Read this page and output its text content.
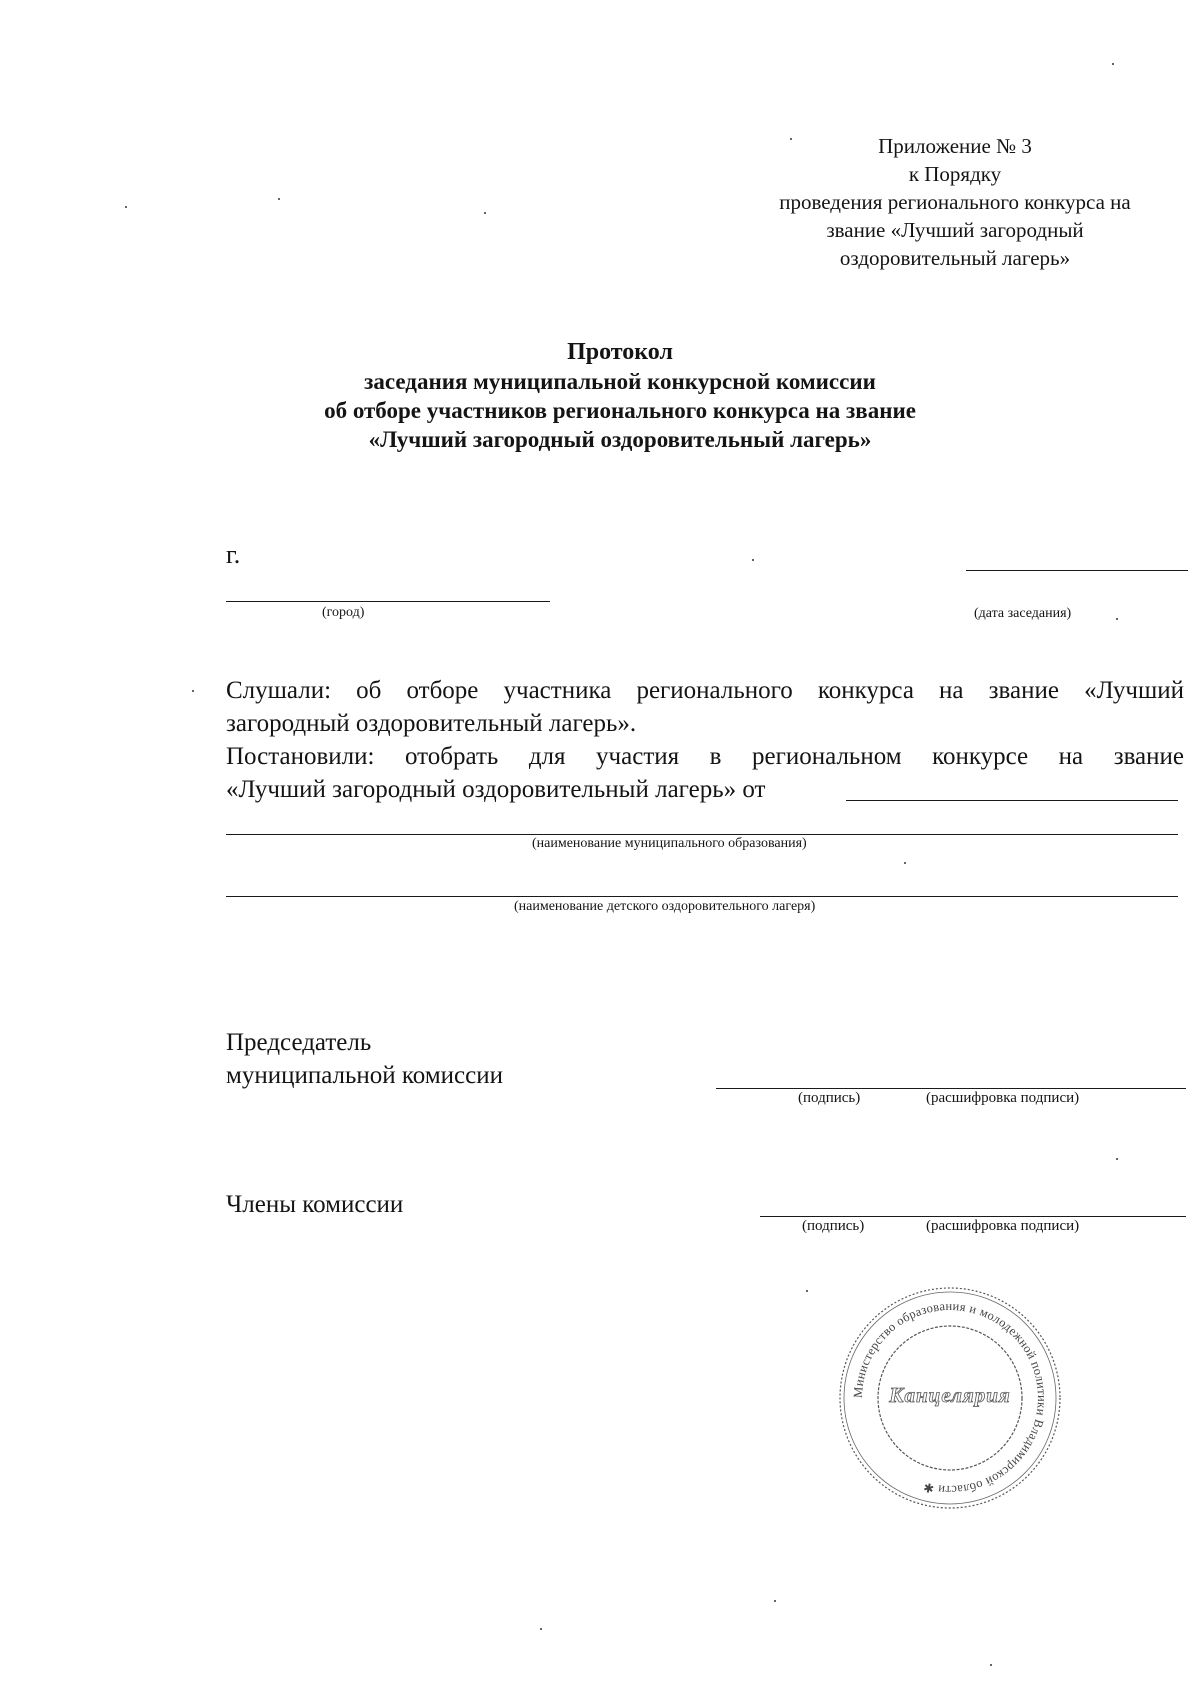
Приложение № 3
к Порядку
проведения регионального конкурса на
звание «Лучший загородный
оздоровительный лагерь»
Протокол
заседания муниципальной конкурсной комиссии
об отборе участников регионального конкурса на звание
«Лучший загородный оздоровительный лагерь»
г.
(город)	(дата заседания)
Слушали: об отборе участника регионального конкурса на звание «Лучший
загородный оздоровительный лагерь».
Постановили: отобрать для участия в региональном конкурсе на звание
«Лучший загородный оздоровительный лагерь» от
(наименование муниципального образования)
(наименование детского оздоровительного лагеря)
Председатель
муниципальной комиссии
(подпись)	(расшифровка подписи)
Члены комиссии
(подпись)	(расшифровка подписи)
Министерство образования и молодежной политики Владимирской области ✱
Канцелярия
